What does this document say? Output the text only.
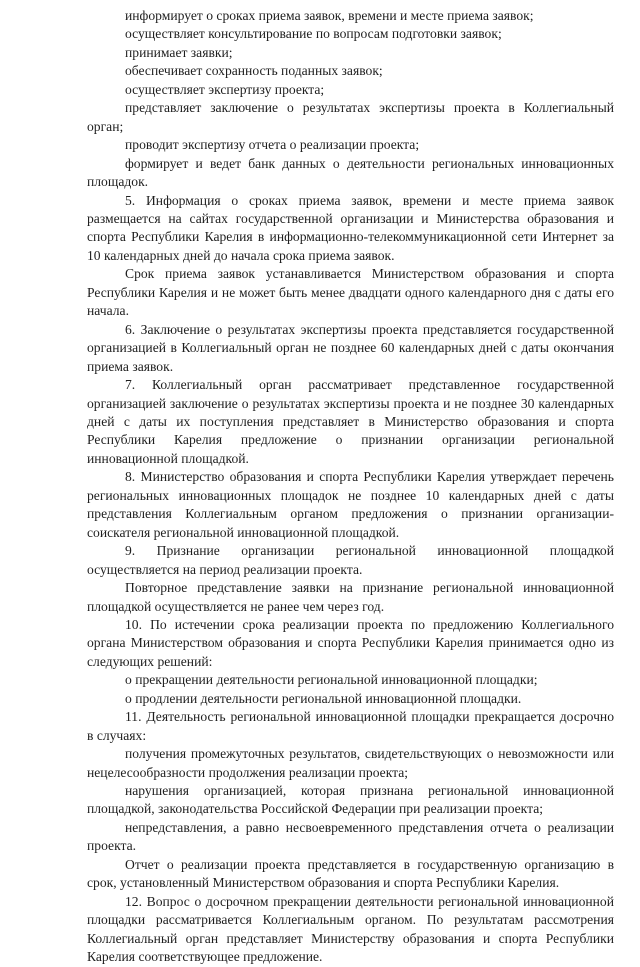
информирует о сроках приема заявок, времени и месте приема заявок;

осуществляет консультирование по вопросам подготовки заявок;

принимает заявки;

обеспечивает сохранность поданных заявок;

осуществляет экспертизу проекта;

представляет заключение о результатах экспертизы проекта в Коллегиальный орган;

проводит экспертизу отчета о реализации проекта;

формирует и ведет банк данных о деятельности региональных инновационных площадок.

5. Информация о сроках приема заявок, времени и месте приема заявок размещается на сайтах государственной организации и Министерства образования и спорта Республики Карелия в информационно-телекоммуникационной сети Интернет за 10 календарных дней до начала срока приема заявок.

Срок приема заявок устанавливается Министерством образования и спорта Республики Карелия и не может быть менее двадцати одного календарного дня с даты его начала.

6. Заключение о результатах экспертизы проекта представляется государственной организацией в Коллегиальный орган не позднее 60 календарных дней с даты окончания приема заявок.

7. Коллегиальный орган рассматривает представленное государственной организацией заключение о результатах экспертизы проекта и не позднее 30 календарных дней с даты их поступления представляет в Министерство образования и спорта Республики Карелия предложение о признании организации региональной инновационной площадкой.

8. Министерство образования и спорта Республики Карелия утверждает перечень региональных инновационных площадок не позднее 10 календарных дней с даты представления Коллегиальным органом предложения о признании организации-соискателя региональной инновационной площадкой.

9. Признание организации региональной инновационной площадкой осуществляется на период реализации проекта.

Повторное представление заявки на признание региональной инновационной площадкой осуществляется не ранее чем через год.

10. По истечении срока реализации проекта по предложению Коллегиального органа Министерством образования и спорта Республики Карелия принимается одно из следующих решений:

о прекращении деятельности региональной инновационной площадки;

о продлении деятельности региональной инновационной площадки.

11. Деятельность региональной инновационной площадки прекращается досрочно в случаях:

получения промежуточных результатов, свидетельствующих о невозможности или нецелесообразности продолжения реализации проекта;

нарушения организацией, которая признана региональной инновационной площадкой, законодательства Российской Федерации при реализации проекта;

непредставления, а равно несвоевременного представления отчета о реализации проекта.

Отчет о реализации проекта представляется в государственную организацию в срок, установленный Министерством образования и спорта Республики Карелия.

12. Вопрос о досрочном прекращении деятельности региональной инновационной площадки рассматривается Коллегиальным органом. По результатам рассмотрения Коллегиальный орган представляет Министерству образования и спорта Республики Карелия соответствующее предложение.
